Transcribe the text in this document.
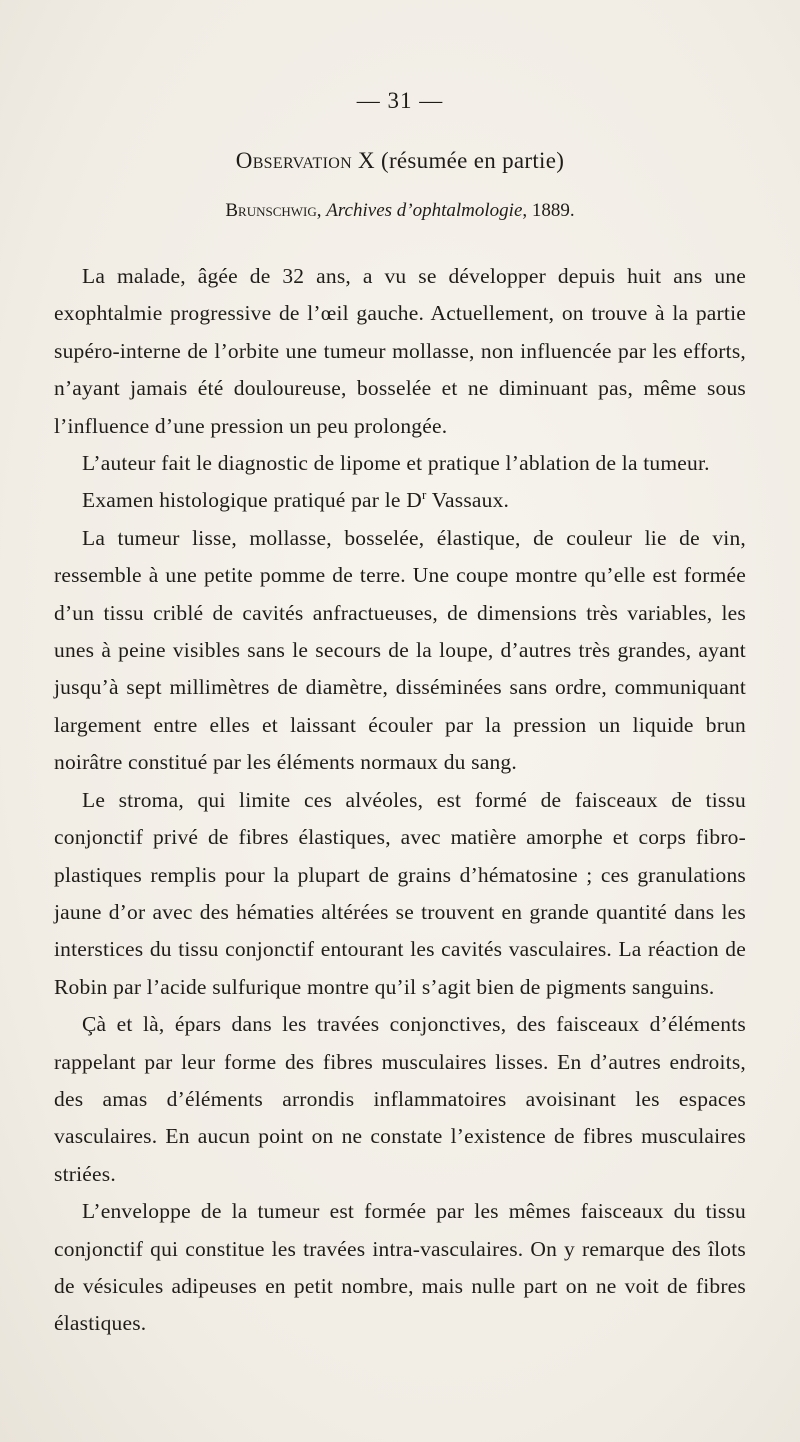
— 31 —
Observation X (résumée en partie)
Brunschwig, Archives d’ophtalmologie, 1889.

La malade, âgée de 32 ans, a vu se développer depuis huit ans une exophtalmie progressive de l’œil gauche. Actuellement, on trouve à la partie supéro-interne de l’orbite une tumeur mollasse, non influencée par les efforts, n’ayant jamais été douloureuse, bosselée et ne diminuant pas, même sous l’influence d’une pression un peu prolongée.

L’auteur fait le diagnostic de lipome et pratique l’ablation de la tumeur.

Examen histologique pratiqué par le $D^r$ Vassaux.

La tumeur lisse, mollasse, bosselée, élastique, de couleur lie de vin, ressemble à une petite pomme de terre. Une coupe montre qu’elle est formée d’un tissu criblé de cavités anfractueuses, de dimensions très variables, les unes à peine visibles sans le secours de la loupe, d’autres très grandes, ayant jusqu’à sept millimètres de diamètre, disséminées sans ordre, communiquant largement entre elles et laissant écouler par la pression un liquide brun noirâtre constitué par les éléments normaux du sang.

Le stroma, qui limite ces alvéoles, est formé de faisceaux de tissu conjonctif privé de fibres élastiques, avec matière amorphe et corps fibro-plastiques remplis pour la plupart de grains d’hématosine ; ces granulations jaune d’or avec des hématies altérées se trouvent en grande quantité dans les interstices du tissu conjonctif entourant les cavités vasculaires. La réaction de Robin par l’acide sulfurique montre qu’il s’agit bien de pigments sanguins.

Çà et là, épars dans les travées conjonctives, des faisceaux d’éléments rappelant par leur forme des fibres musculaires lisses. En d’autres endroits, des amas d’éléments arrondis inflammatoires avoisinant les espaces vasculaires. En aucun point on ne constate l’existence de fibres musculaires striées.

L’enveloppe de la tumeur est formée par les mêmes faisceaux du tissu conjonctif qui constitue les travées intra-vasculaires. On y remarque des îlots de vésicules adipeuses en petit nombre, mais nulle part on ne voit de fibres élastiques.
